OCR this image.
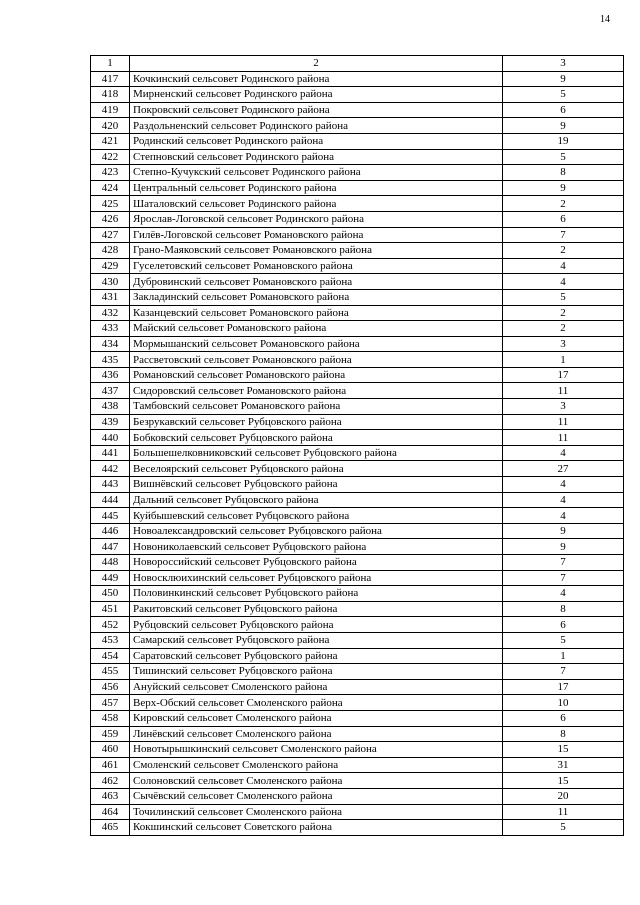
14
1	2	3
417	Кочкинский сельсовет Родинского района	9
418	Мирненский сельсовет Родинского района	5
419	Покровский сельсовет Родинского района	6
420	Раздольненский сельсовет Родинского района	9
421	Родинский сельсовет Родинского района	19
422	Степновский сельсовет Родинского района	5
423	Степно-Кучукский сельсовет Родинского района	8
424	Центральный сельсовет Родинского района	9
425	Шаталовский сельсовет Родинского района	2
426	Ярослав-Логовской сельсовет Родинского района	6
427	Гилёв-Логовской сельсовет Романовского района	7
428	Грано-Маяковский сельсовет Романовского района	2
429	Гуселетовский сельсовет Романовского района	4
430	Дубровинский сельсовет Романовского района	4
431	Закладинский сельсовет Романовского района	5
432	Казанцевский сельсовет Романовского района	2
433	Майский сельсовет Романовского района	2
434	Мормышанский сельсовет Романовского района	3
435	Рассветовский сельсовет Романовского района	1
436	Романовский сельсовет Романовского района	17
437	Сидоровский сельсовет Романовского района	11
438	Тамбовский сельсовет Романовского района	3
439	Безрукавский сельсовет Рубцовского района	11
440	Бобковский сельсовет Рубцовского района	11
441	Большешелковниковский сельсовет Рубцовского района	4
442	Веселоярский сельсовет Рубцовского района	27
443	Вишнёвский сельсовет Рубцовского района	4
444	Дальний сельсовет Рубцовского района	4
445	Куйбышевский сельсовет Рубцовского района	4
446	Новоалександровский сельсовет Рубцовского района	9
447	Новониколаевский сельсовет Рубцовского района	9
448	Новороссийский сельсовет Рубцовского района	7
449	Новосклюихинский сельсовет Рубцовского района	7
450	Половинкинский сельсовет Рубцовского района	4
451	Ракитовский сельсовет Рубцовского района	8
452	Рубцовский сельсовет Рубцовского района	6
453	Самарский сельсовет Рубцовского района	5
454	Саратовский сельсовет Рубцовского района	1
455	Тишинский сельсовет Рубцовского района	7
456	Ануйский сельсовет Смоленского района	17
457	Верх-Обский сельсовет Смоленского района	10
458	Кировский сельсовет Смоленского района	6
459	Линёвский сельсовет Смоленского района	8
460	Новотырышкинский сельсовет Смоленского района	15
461	Смоленский сельсовет Смоленского района	31
462	Солоновский сельсовет Смоленского района	15
463	Сычёвский сельсовет Смоленского района	20
464	Точилинский сельсовет Смоленского района	11
465	Кокшинский сельсовет Советского района	5
